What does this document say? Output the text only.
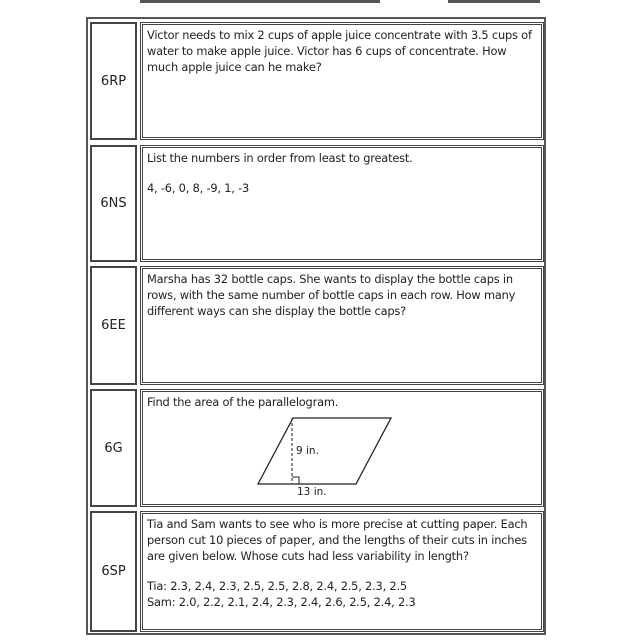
6RP
Victor needs to mix 2 cups of apple juice concentrate with 3.5 cups of water to make apple juice. Victor has 6 cups of concentrate. How much apple juice can he make?
6NS
List the numbers in order from least to greatest.
4, -6, 0, 8, -9, 1, -3
6EE
Marsha has 32 bottle caps. She wants to display the bottle caps in rows, with the same number of bottle caps in each row. How many different ways can she display the bottle caps?
6G
Find the area of the parallelogram.
9 in.
13 in.
6SP
Tia and Sam wants to see who is more precise at cutting paper. Each person cut 10 pieces of paper, and the lengths of their cuts in inches are given below. Whose cuts had less variability in length?
Tia: 2.3, 2.4, 2.3, 2.5, 2.5, 2.8, 2.4, 2.5, 2.3, 2.5
Sam: 2.0, 2.2, 2.1, 2.4, 2.3, 2.4, 2.6, 2.5, 2.4, 2.3
